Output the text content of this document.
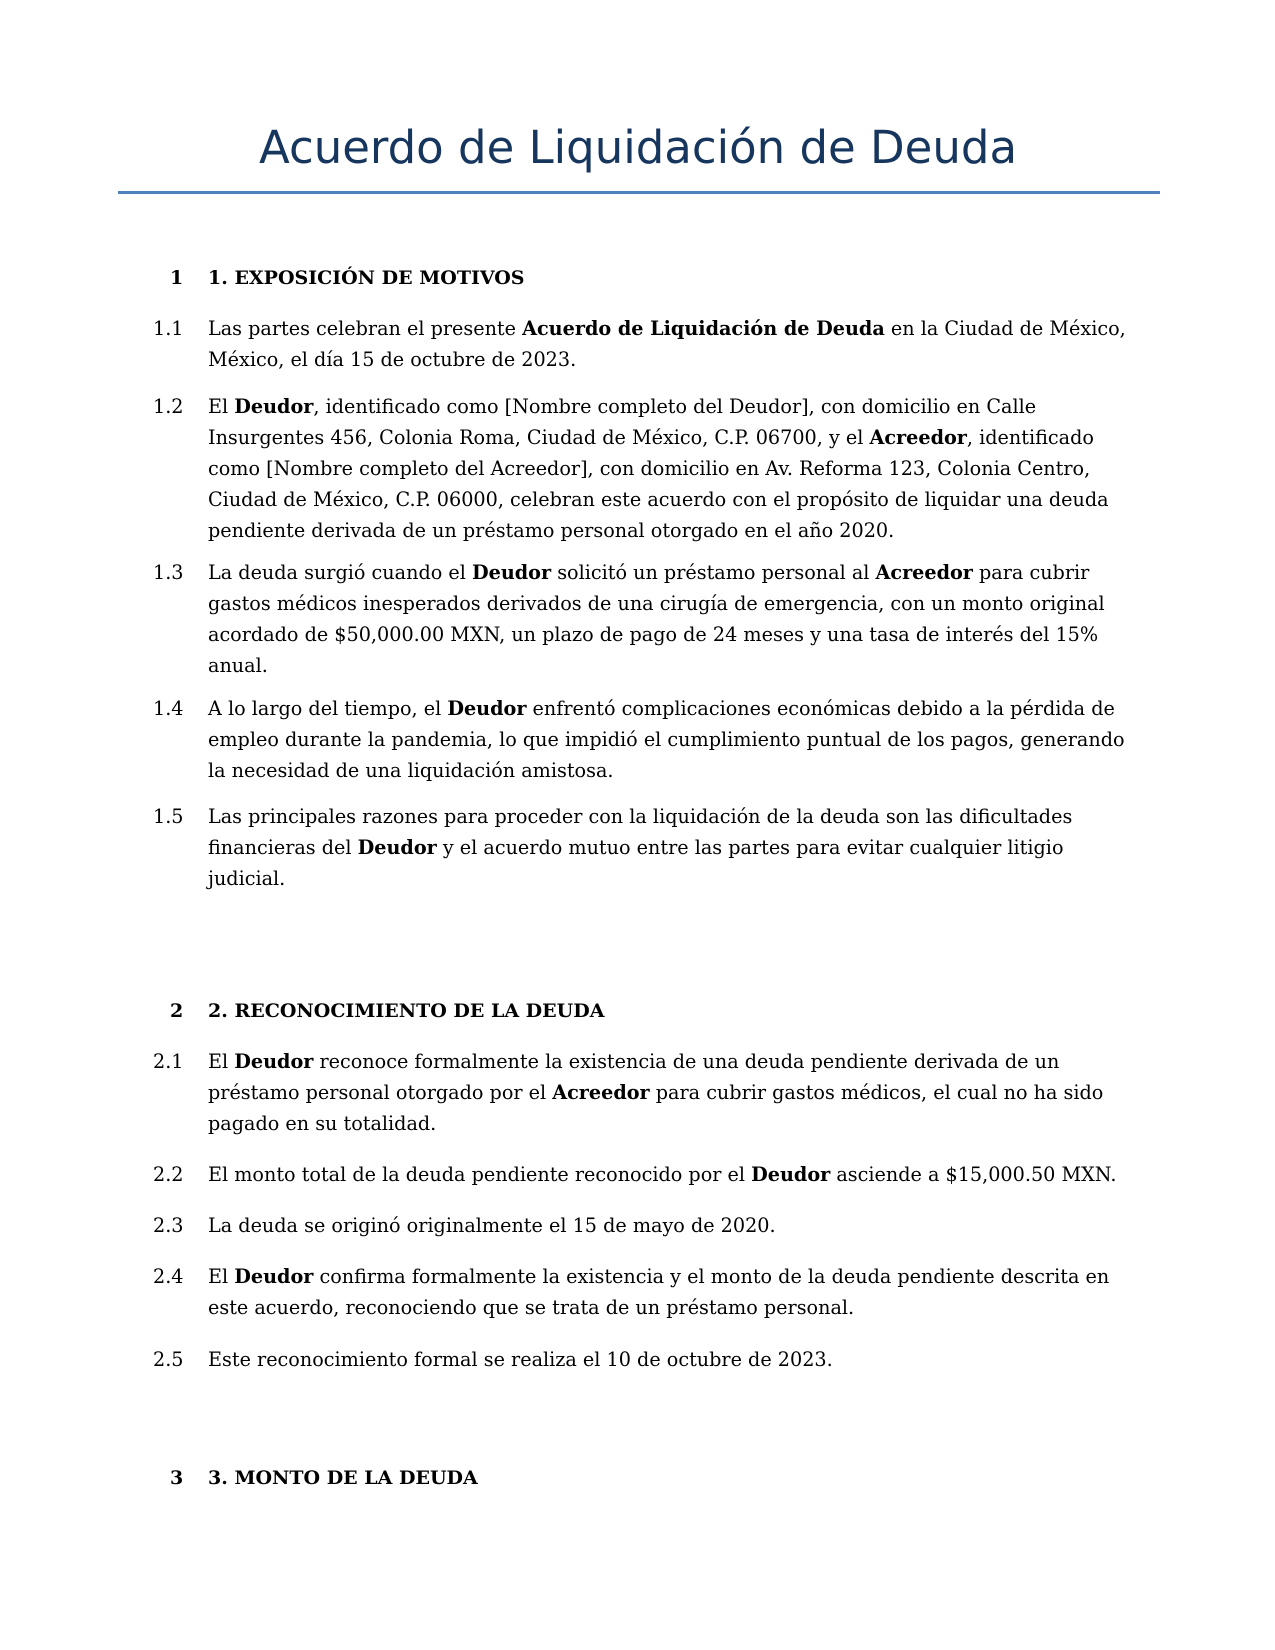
Acuerdo de Liquidación de Deuda
1	1. EXPOSICIÓN DE MOTIVOS
1.1	Las partes celebran el presente Acuerdo de Liquidación de Deuda en la Ciudad de México, México, el día 15 de octubre de 2023.
1.2	El Deudor, identificado como [Nombre completo del Deudor], con domicilio en Calle Insurgentes 456, Colonia Roma, Ciudad de México, C.P. 06700, y el Acreedor, identificado como [Nombre completo del Acreedor], con domicilio en Av. Reforma 123, Colonia Centro, Ciudad de México, C.P. 06000, celebran este acuerdo con el propósito de liquidar una deuda pendiente derivada de un préstamo personal otorgado en el año 2020.
1.3	La deuda surgió cuando el Deudor solicitó un préstamo personal al Acreedor para cubrir gastos médicos inesperados derivados de una cirugía de emergencia, con un monto original acordado de $50,000.00 MXN, un plazo de pago de 24 meses y una tasa de interés del 15% anual.
1.4	A lo largo del tiempo, el Deudor enfrentó complicaciones económicas debido a la pérdida de empleo durante la pandemia, lo que impidió el cumplimiento puntual de los pagos, generando la necesidad de una liquidación amistosa.
1.5	Las principales razones para proceder con la liquidación de la deuda son las dificultades financieras del Deudor y el acuerdo mutuo entre las partes para evitar cualquier litigio judicial.
2	2. RECONOCIMIENTO DE LA DEUDA
2.1	El Deudor reconoce formalmente la existencia de una deuda pendiente derivada de un préstamo personal otorgado por el Acreedor para cubrir gastos médicos, el cual no ha sido pagado en su totalidad.
2.2	El monto total de la deuda pendiente reconocido por el Deudor asciende a $15,000.50 MXN.
2.3	La deuda se originó originalmente el 15 de mayo de 2020.
2.4	El Deudor confirma formalmente la existencia y el monto de la deuda pendiente descrita en este acuerdo, reconociendo que se trata de un préstamo personal.
2.5	Este reconocimiento formal se realiza el 10 de octubre de 2023.
3	3. MONTO DE LA DEUDA
